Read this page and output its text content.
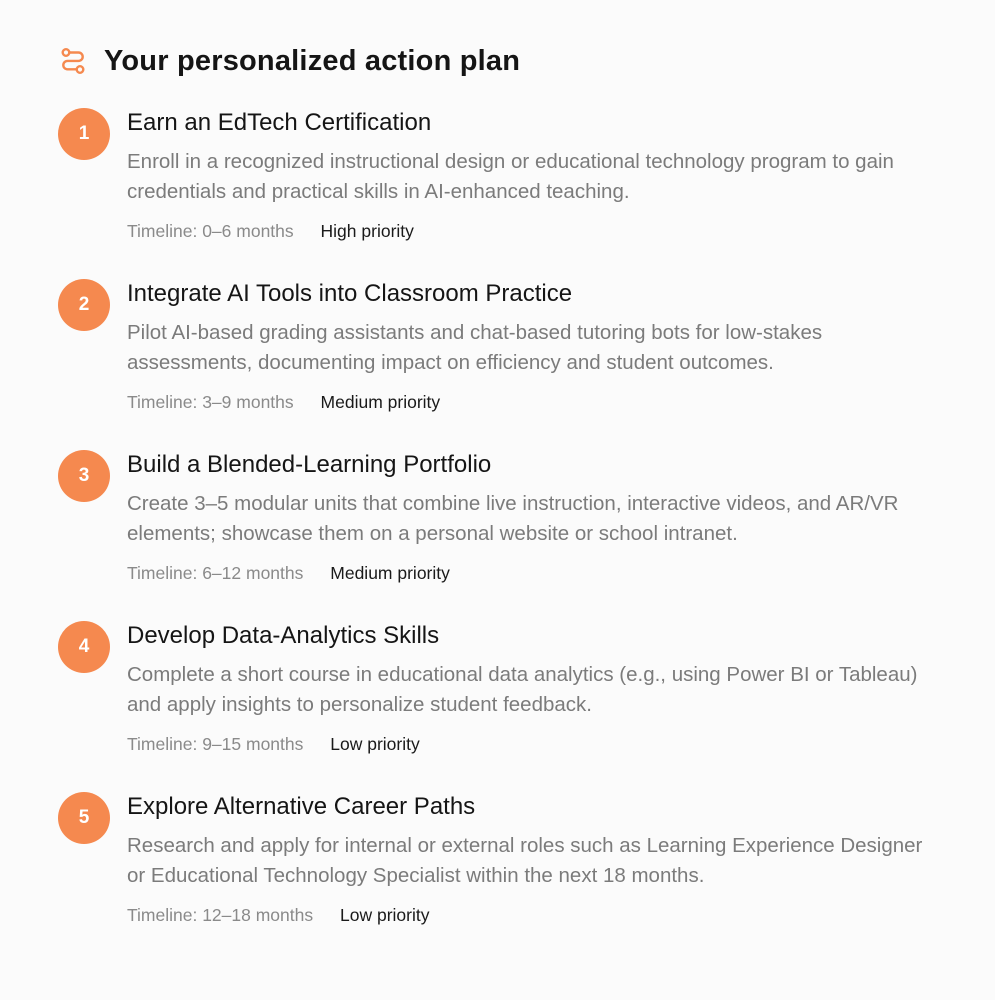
Your personalized action plan
1	Earn an EdTech Certification

Enroll in a recognized instructional design or educational technology program to gain credentials and practical skills in AI-enhanced teaching.

Timeline: 0–6 months High priority
2	Integrate AI Tools into Classroom Practice

Pilot AI-based grading assistants and chat-based tutoring bots for low-stakes assessments, documenting impact on efficiency and student outcomes.

Timeline: 3–9 months Medium priority
3	Build a Blended-Learning Portfolio

Create 3–5 modular units that combine live instruction, interactive videos, and AR/VR elements; showcase them on a personal website or school intranet.

Timeline: 6–12 months Medium priority
4	Develop Data-Analytics Skills

Complete a short course in educational data analytics (e.g., using Power BI or Tableau) and apply insights to personalize student feedback.

Timeline: 9–15 months Low priority
5	Explore Alternative Career Paths

Research and apply for internal or external roles such as Learning Experience Designer or Educational Technology Specialist within the next 18 months.

Timeline: 12–18 months Low priority
